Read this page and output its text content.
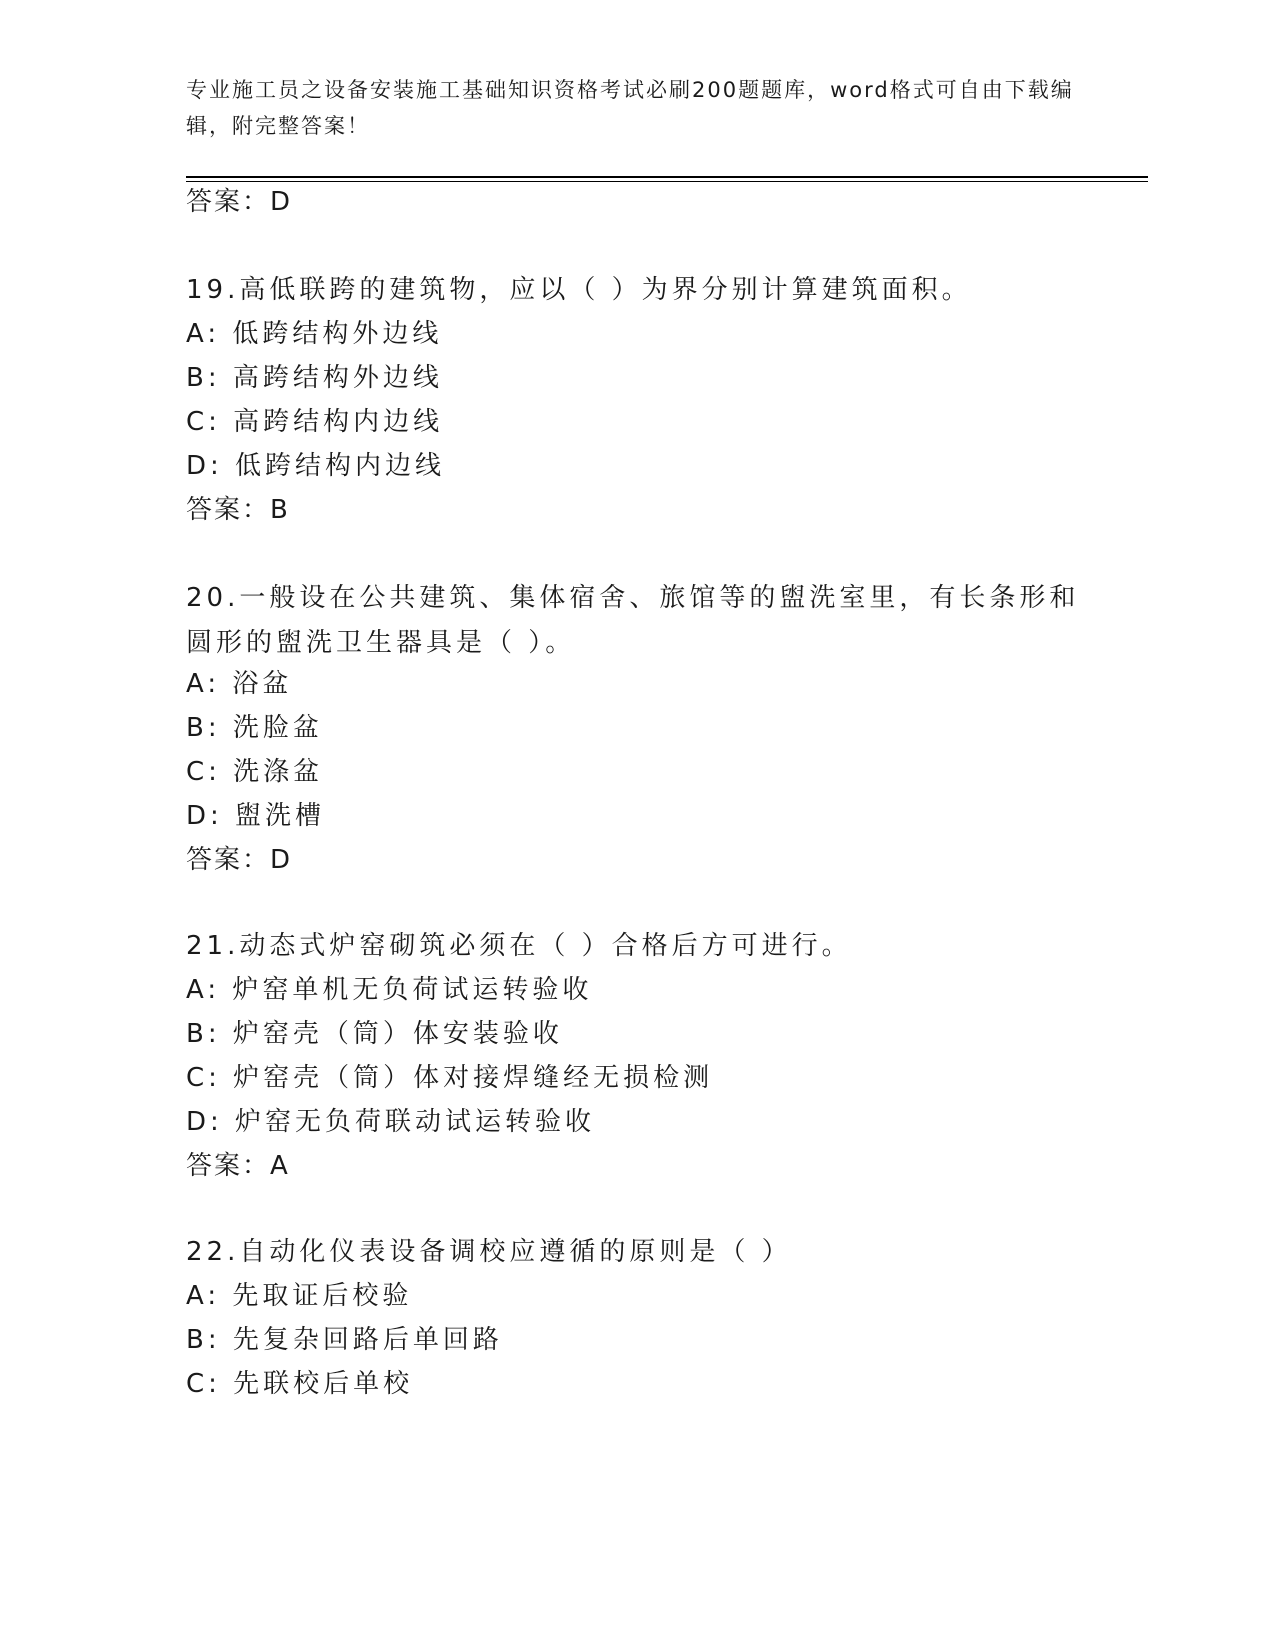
专业施工员之设备安装施工基础知识资格考试必刷200题题库，word格式可自由下载编辑，附完整答案！
答案：D
19.高低联跨的建筑物，应以（ ）为界分别计算建筑面积。
A: 低跨结构外边线
B: 高跨结构外边线
C: 高跨结构内边线
D: 低跨结构内边线
答案：B
20.一般设在公共建筑、集体宿舍、旅馆等的盥洗室里，有长条形和圆形的盥洗卫生器具是（ ）。
A: 浴盆
B: 洗脸盆
C: 洗涤盆
D: 盥洗槽
答案：D
21.动态式炉窑砌筑必须在（ ）合格后方可进行。
A: 炉窑单机无负荷试运转验收
B: 炉窑壳（筒）体安装验收
C: 炉窑壳（筒）体对接焊缝经无损检测
D: 炉窑无负荷联动试运转验收
答案：A
22.自动化仪表设备调校应遵循的原则是（ ）
A: 先取证后校验
B: 先复杂回路后单回路
C: 先联校后单校
